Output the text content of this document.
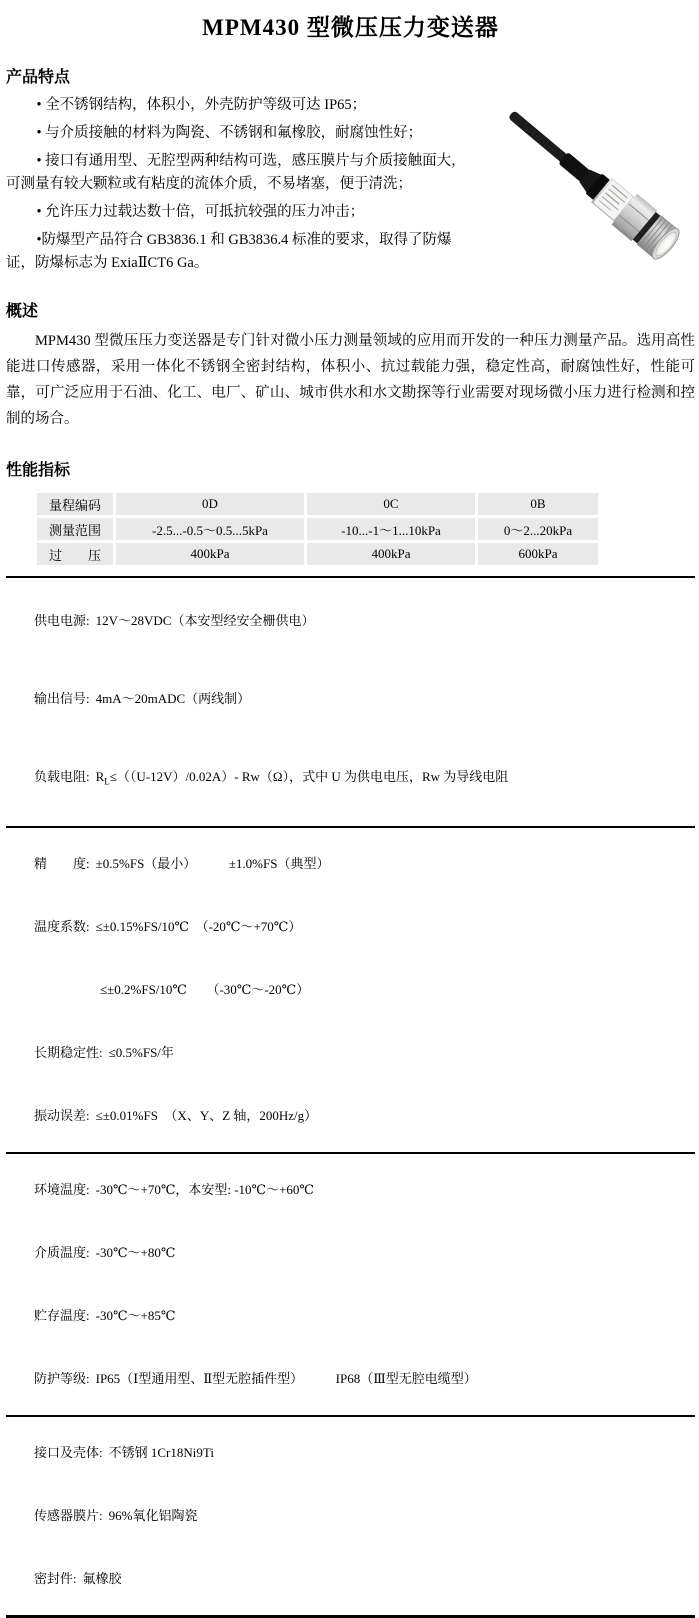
MPM430 型微压压力变送器
产品特点

• 全不锈钢结构，体积小，外壳防护等级可达 IP65；

• 与介质接触的材料为陶瓷、不锈钢和氟橡胶，耐腐蚀性好；

• 接口有通用型、无腔型两种结构可选，感压膜片与介质接触面大，可测量有较大颗粒或有粘度的流体介质，不易堵塞，便于清洗；

• 允许压力过载达数十倍，可抵抗较强的压力冲击；

•防爆型产品符合 GB3836.1 和 GB3836.4 标准的要求，取得了防爆证，防爆标志为 ExiaⅡCT6 Ga。

概述

MPM430 型微压压力变送器是专门针对微小压力测量领域的应用而开发的一种压力测量产品。选用高性能进口传感器，采用一体化不锈钢全密封结构，体积小、抗过载能力强，稳定性高，耐腐蚀性好，性能可靠，可广泛应用于石油、化工、电厂、矿山、城市供水和水文勘探等行业需要对现场微小压力进行检测和控制的场合。

性能指标
量程编码	0D	0C	0B
测量范围	-2.5...-0.5～0.5...5kPa	-10...-1～1...10kPa	0～2...20kPa
过　　压	400kPa	400kPa	600kPa

供电电源: 12V～28VDC（本安型经安全栅供电）

输出信号: 4mA～20mADC（两线制）

负载电阻: $R_L\le((U-12V)/0.02A)-$ Rw（Ω），式中 U 为供电电压，Rw 为导线电阻

精　　度: ±0.5%FS（最小）　　　±1.0%FS（典型）

温度系数: ≤±0.15%FS/10℃　（-20℃～+70℃）

≤±0.2%FS/10℃　　（-30℃～-20℃）

长期稳定性: ≤0.5%FS/年

振动误差: ≤±0.01%FS　（X、Y、Z 轴，200Hz/g）

环境温度: -30℃～+70℃，本安型: -10℃～+60℃

介质温度: -30℃～+80℃

贮存温度: -30℃～+85℃

防护等级: IP65（Ⅰ型通用型、Ⅱ型无腔插件型）　　　IP68（Ⅲ型无腔电缆型）

接口及壳体: 不锈钢 1Cr18Ni9Ti

传感器膜片: 96%氧化铝陶瓷

密封件: 氟橡胶
